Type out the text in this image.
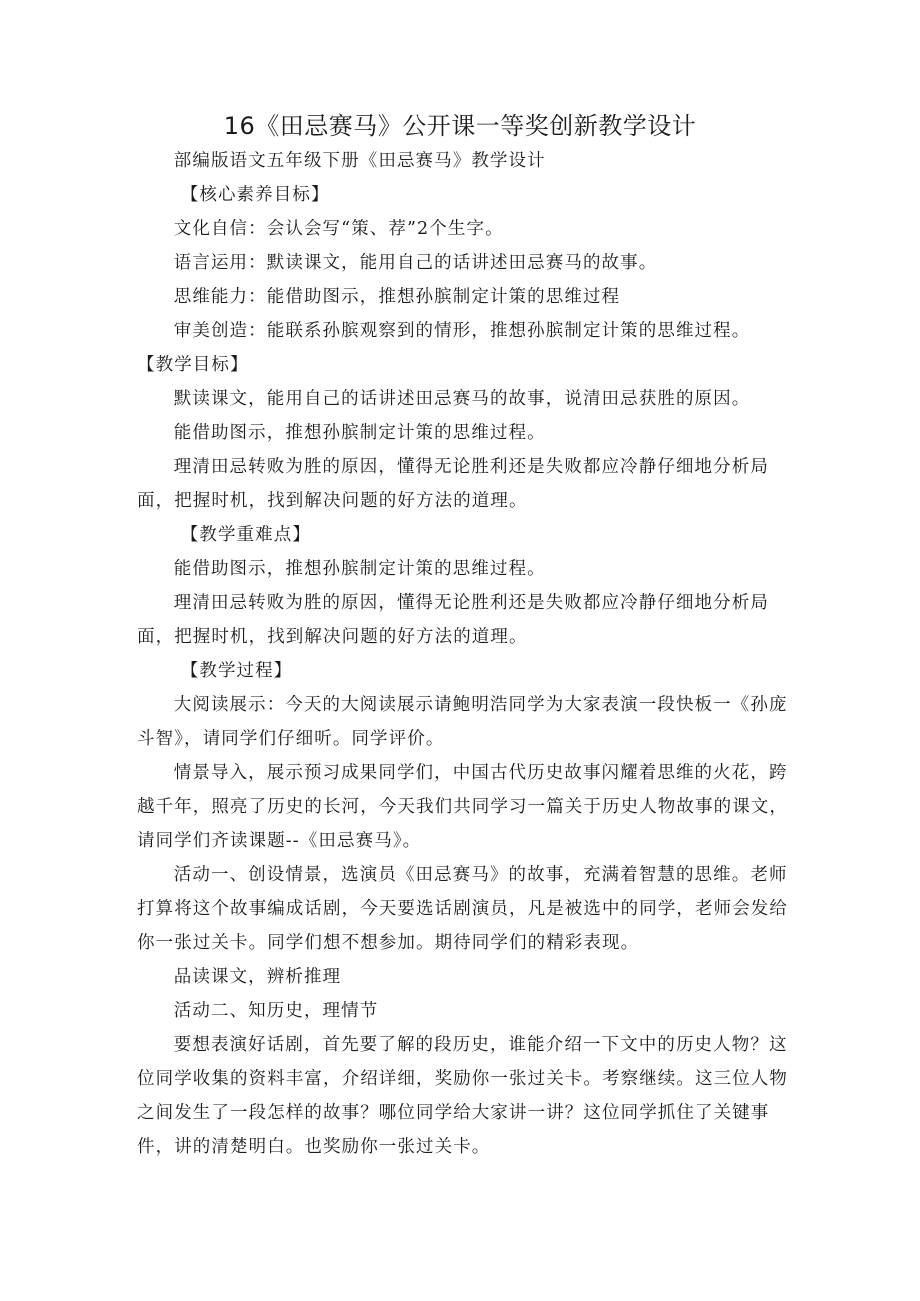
16《田忌赛马》公开课一等奖创新教学设计

部编版语文五年级下册《田忌赛马》教学设计

【核心素养目标】

文化自信：会认会写“策、荐”2个生字。

语言运用：默读课文，能用自己的话讲述田忌赛马的故事。

思维能力：能借助图示，推想孙膑制定计策的思维过程

审美创造：能联系孙膑观察到的情形，推想孙膑制定计策的思维过程。

【教学目标】

默读课文，能用自己的话讲述田忌赛马的故事，说清田忌获胜的原因。

能借助图示，推想孙膑制定计策的思维过程。

理清田忌转败为胜的原因，懂得无论胜利还是失败都应冷静仔细地分析局面，把握时机，找到解决问题的好方法的道理。

【教学重难点】

能借助图示，推想孙膑制定计策的思维过程。

理清田忌转败为胜的原因，懂得无论胜利还是失败都应冷静仔细地分析局面，把握时机，找到解决问题的好方法的道理。

【教学过程】

大阅读展示：今天的大阅读展示请鲍明浩同学为大家表演一段快板一《孙庞斗智》，请同学们仔细听。同学评价。

情景导入，展示预习成果同学们，中国古代历史故事闪耀着思维的火花，跨越千年，照亮了历史的长河，今天我们共同学习一篇关于历史人物故事的课文，请同学们齐读课题--《田忌赛马》。

活动一、创设情景，选演员《田忌赛马》的故事，充满着智慧的思维。老师打算将这个故事编成话剧，今天要选话剧演员，凡是被选中的同学，老师会发给你一张过关卡。同学们想不想参加。期待同学们的精彩表现。

品读课文，辨析推理

活动二、知历史，理情节

要想表演好话剧，首先要了解的段历史，谁能介绍一下文中的历史人物？这位同学收集的资料丰富，介绍详细，奖励你一张过关卡。考察继续。这三位人物之间发生了一段怎样的故事？哪位同学给大家讲一讲？这位同学抓住了关键事件，讲的清楚明白。也奖励你一张过关卡。
